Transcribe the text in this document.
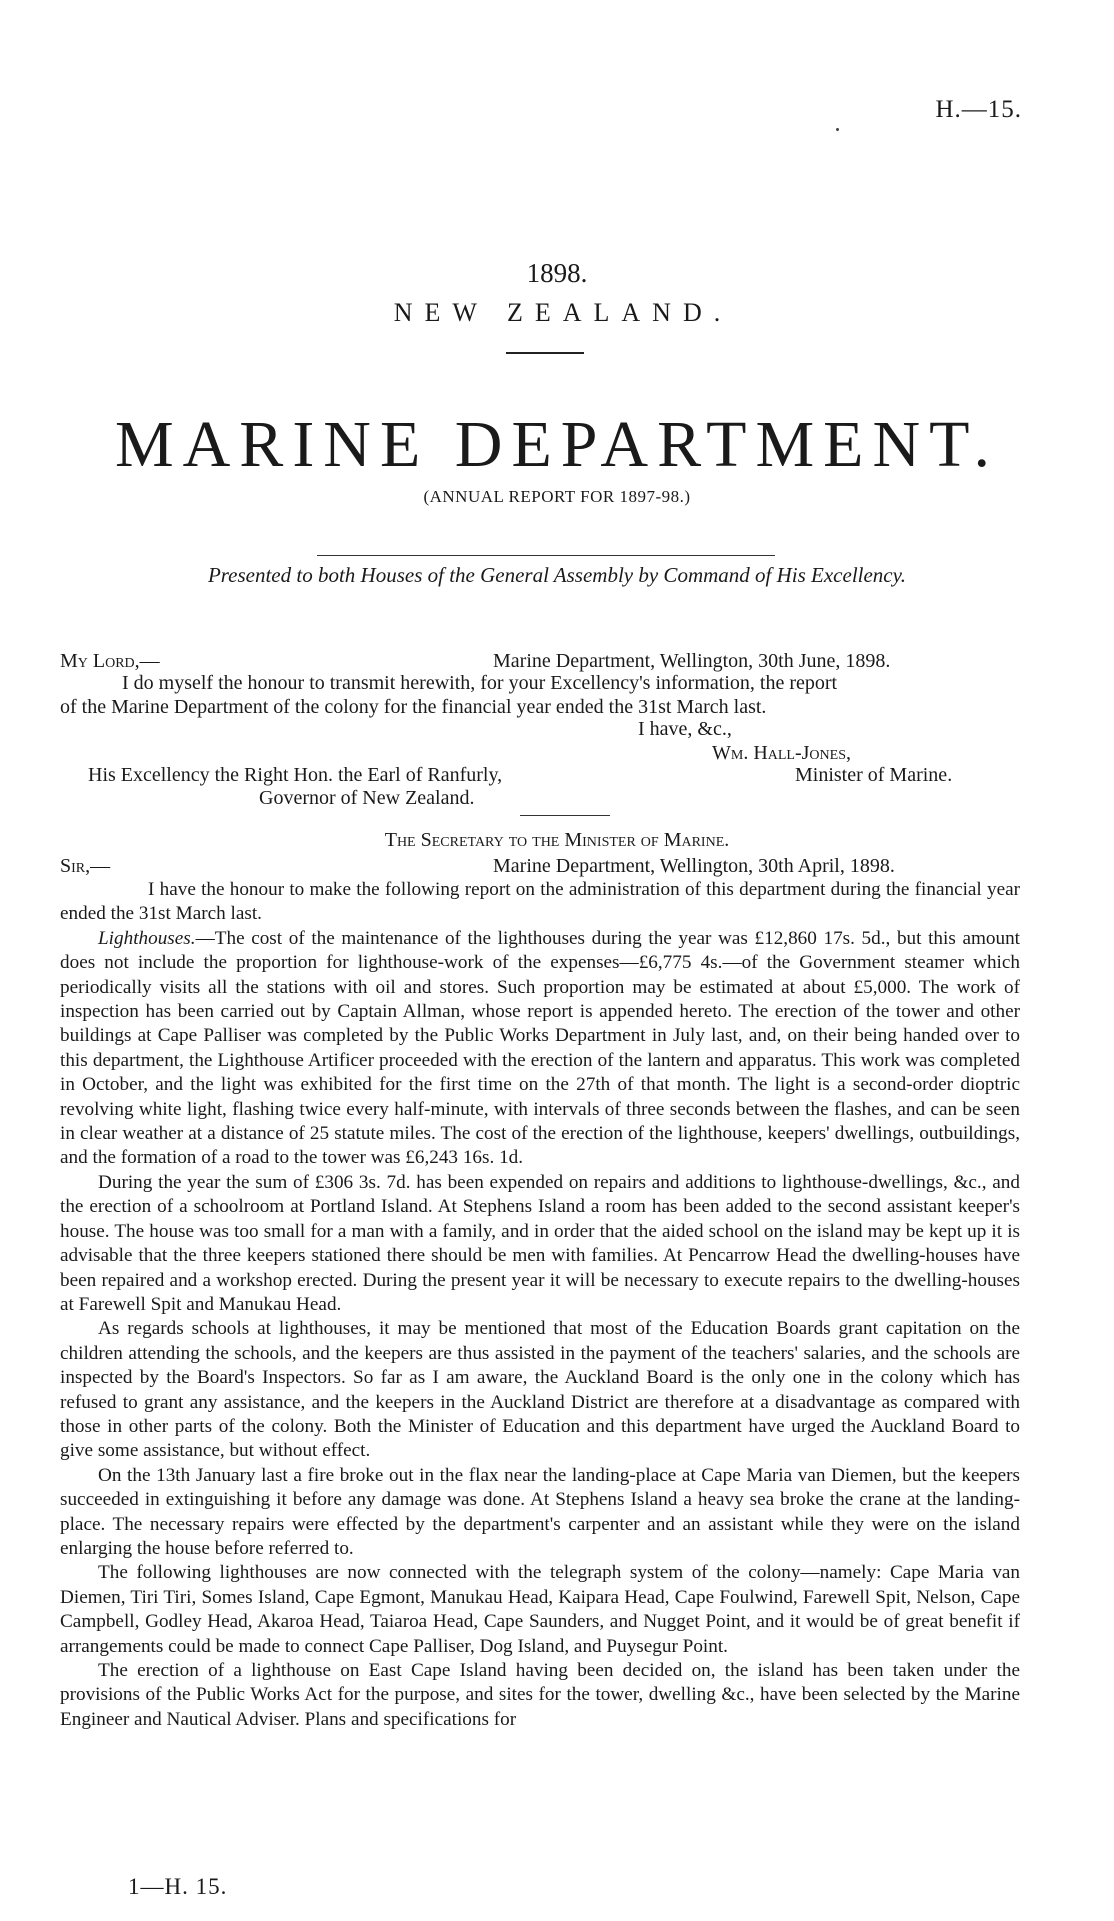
H.—15.
1898.
NEW ZEALAND.
MARINE DEPARTMENT.
(ANNUAL REPORT FOR 1897-98.)
Presented to both Houses of the General Assembly by Command of His Excellency.
My Lord,—	Marine Department, Wellington, 30th June, 1898.
I do myself the honour to transmit herewith, for your Excellency's information, the report
of the Marine Department of the colony for the financial year ended the 31st March last.
I have, &c.,
Wm. Hall-Jones,
His Excellency the Right Hon. the Earl of Ranfurly,	Minister of Marine.
Governor of New Zealand.
The Secretary to the Minister of Marine.
Sir,—	Marine Department, Wellington, 30th April, 1898.

I have the honour to make the following report on the administration of this department during the financial year ended the 31st March last.

Lighthouses.—The cost of the maintenance of the lighthouses during the year was £12,860 17s. 5d., but this amount does not include the proportion for lighthouse-work of the expenses—£6,775 4s.—of the Government steamer which periodically visits all the stations with oil and stores. Such proportion may be estimated at about £5,000. The work of inspection has been carried out by Captain Allman, whose report is appended hereto. The erection of the tower and other buildings at Cape Palliser was completed by the Public Works Department in July last, and, on their being handed over to this department, the Lighthouse Artificer proceeded with the erection of the lantern and apparatus. This work was completed in October, and the light was exhibited for the first time on the 27th of that month. The light is a second-order dioptric revolving white light, flashing twice every half-minute, with intervals of three seconds between the flashes, and can be seen in clear weather at a distance of 25 statute miles. The cost of the erection of the lighthouse, keepers' dwellings, outbuildings, and the formation of a road to the tower was £6,243 16s. 1d.

During the year the sum of £306 3s. 7d. has been expended on repairs and additions to lighthouse-dwellings, &c., and the erection of a schoolroom at Portland Island. At Stephens Island a room has been added to the second assistant keeper's house. The house was too small for a man with a family, and in order that the aided school on the island may be kept up it is advisable that the three keepers stationed there should be men with families. At Pencarrow Head the dwelling-houses have been repaired and a workshop erected. During the present year it will be necessary to execute repairs to the dwelling-houses at Farewell Spit and Manukau Head.

As regards schools at lighthouses, it may be mentioned that most of the Education Boards grant capitation on the children attending the schools, and the keepers are thus assisted in the payment of the teachers' salaries, and the schools are inspected by the Board's Inspectors. So far as I am aware, the Auckland Board is the only one in the colony which has refused to grant any assistance, and the keepers in the Auckland District are therefore at a disadvantage as compared with those in other parts of the colony. Both the Minister of Education and this department have urged the Auckland Board to give some assistance, but without effect.

On the 13th January last a fire broke out in the flax near the landing-place at Cape Maria van Diemen, but the keepers succeeded in extinguishing it before any damage was done. At Stephens Island a heavy sea broke the crane at the landing-place. The necessary repairs were effected by the department's carpenter and an assistant while they were on the island enlarging the house before referred to.

The following lighthouses are now connected with the telegraph system of the colony—namely: Cape Maria van Diemen, Tiri Tiri, Somes Island, Cape Egmont, Manukau Head, Kaipara Head, Cape Foulwind, Farewell Spit, Nelson, Cape Campbell, Godley Head, Akaroa Head, Taiaroa Head, Cape Saunders, and Nugget Point, and it would be of great benefit if arrangements could be made to connect Cape Palliser, Dog Island, and Puysegur Point.

The erection of a lighthouse on East Cape Island having been decided on, the island has been taken under the provisions of the Public Works Act for the purpose, and sites for the tower, dwelling &c., have been selected by the Marine Engineer and Nautical Adviser. Plans and specifications for

1—H. 15.
